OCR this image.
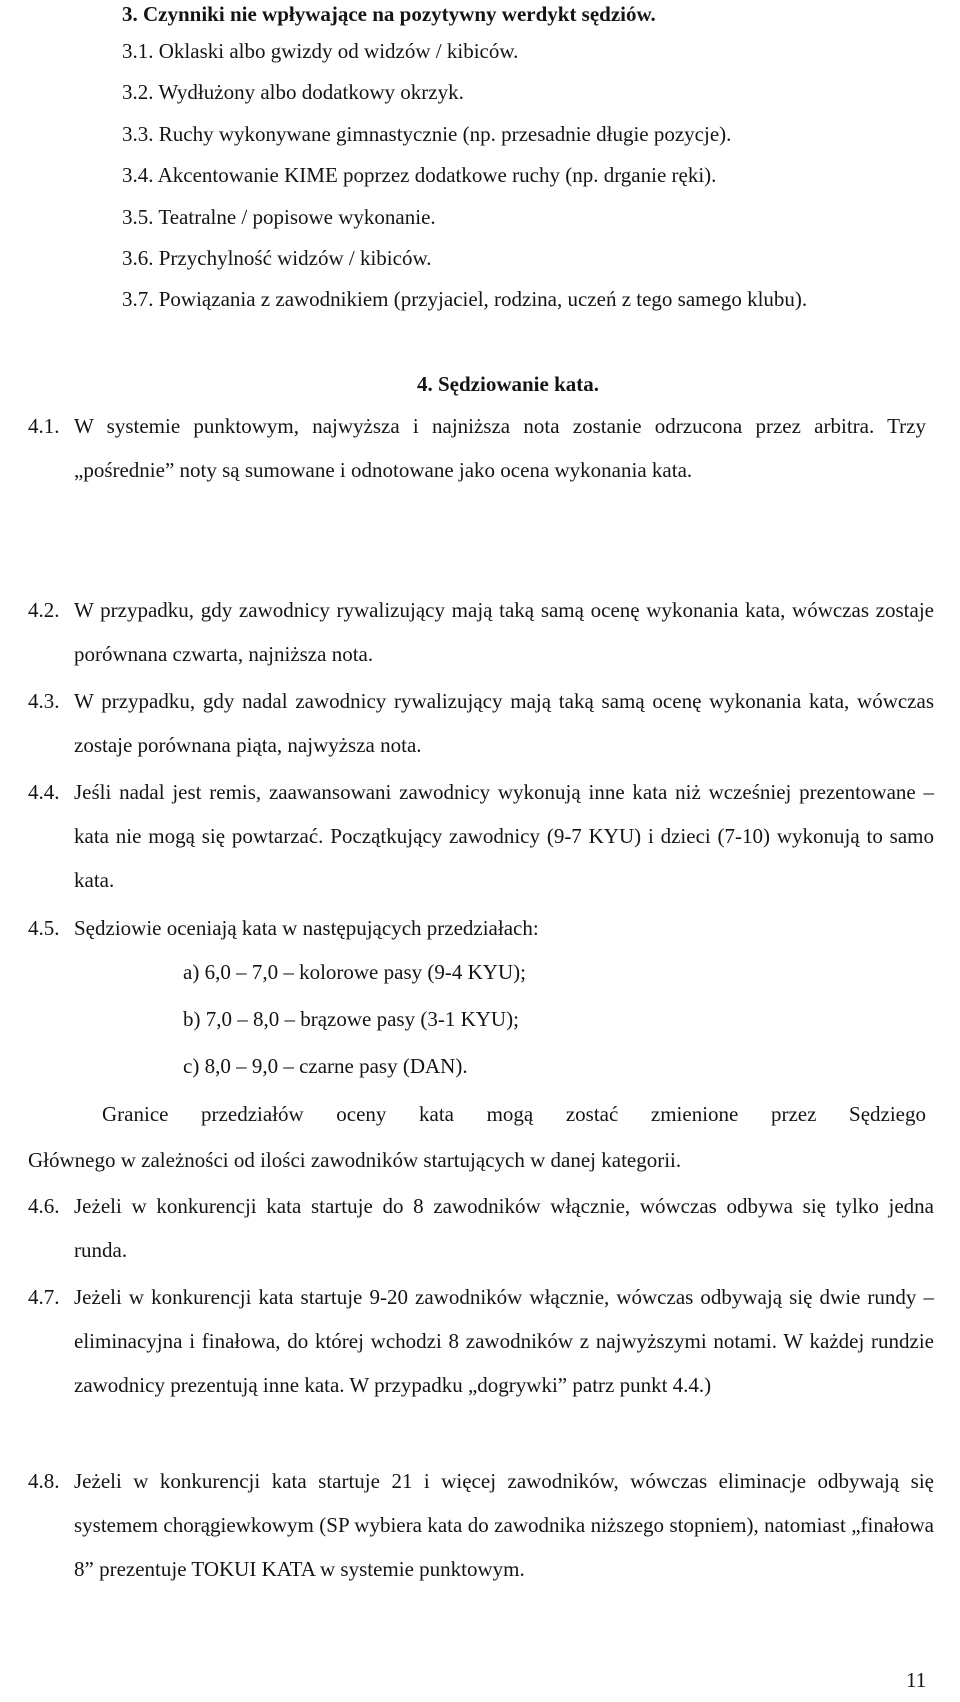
3. Czynniki nie wpływające na pozytywny werdykt sędziów.
3.1. Oklaski albo gwizdy od widzów / kibiców.
3.2. Wydłużony albo dodatkowy okrzyk.
3.3. Ruchy wykonywane gimnastycznie (np. przesadnie długie pozycje).
3.4. Akcentowanie KIME poprzez dodatkowe ruchy (np. drganie ręki).
3.5. Teatralne / popisowe wykonanie.
3.6. Przychylność widzów / kibiców.
3.7. Powiązania z zawodnikiem (przyjaciel, rodzina, uczeń z tego samego klubu).
4. Sędziowanie kata.
4.1. W systemie punktowym, najwyższa i najniższa nota zostanie odrzucona przez arbitra. Trzy „pośrednie” noty są sumowane i odnotowane jako ocena wykonania kata.
4.2. W przypadku, gdy zawodnicy rywalizujący mają taką samą ocenę wykonania kata, wówczas zostaje porównana czwarta, najniższa nota.
4.3. W przypadku, gdy nadal zawodnicy rywalizujący mają taką samą ocenę wykonania kata, wówczas zostaje porównana piąta, najwyższa nota.
4.4. Jeśli nadal jest remis, zaawansowani zawodnicy wykonują inne kata niż wcześniej prezentowane – kata nie mogą się powtarzać. Początkujący zawodnicy (9-7 KYU) i dzieci (7-10) wykonują to samo kata.
4.5. Sędziowie oceniają kata w następujących przedziałach:
a) 6,0 – 7,0 – kolorowe pasy (9-4 KYU);
b) 7,0 – 8,0 – brązowe pasy (3-1 KYU);
c) 8,0 – 9,0 – czarne pasy (DAN).
Granice przedziałów oceny kata mogą zostać zmienione przez Sędziego
Głównego w zależności od ilości zawodników startujących w danej kategorii.
4.6. Jeżeli w konkurencji kata startuje do 8 zawodników włącznie, wówczas odbywa się tylko jedna runda.
4.7. Jeżeli w konkurencji kata startuje 9-20 zawodników włącznie, wówczas odbywają się dwie rundy – eliminacyjna i finałowa, do której wchodzi 8 zawodników z najwyższymi notami. W każdej rundzie zawodnicy prezentują inne kata. W przypadku „dogrywki” patrz punkt 4.4.)
4.8. Jeżeli w konkurencji kata startuje 21 i więcej zawodników, wówczas eliminacje odbywają się systemem chorągiewkowym (SP wybiera kata do zawodnika niższego stopniem), natomiast „finałowa 8” prezentuje TOKUI KATA w systemie punktowym.
11
